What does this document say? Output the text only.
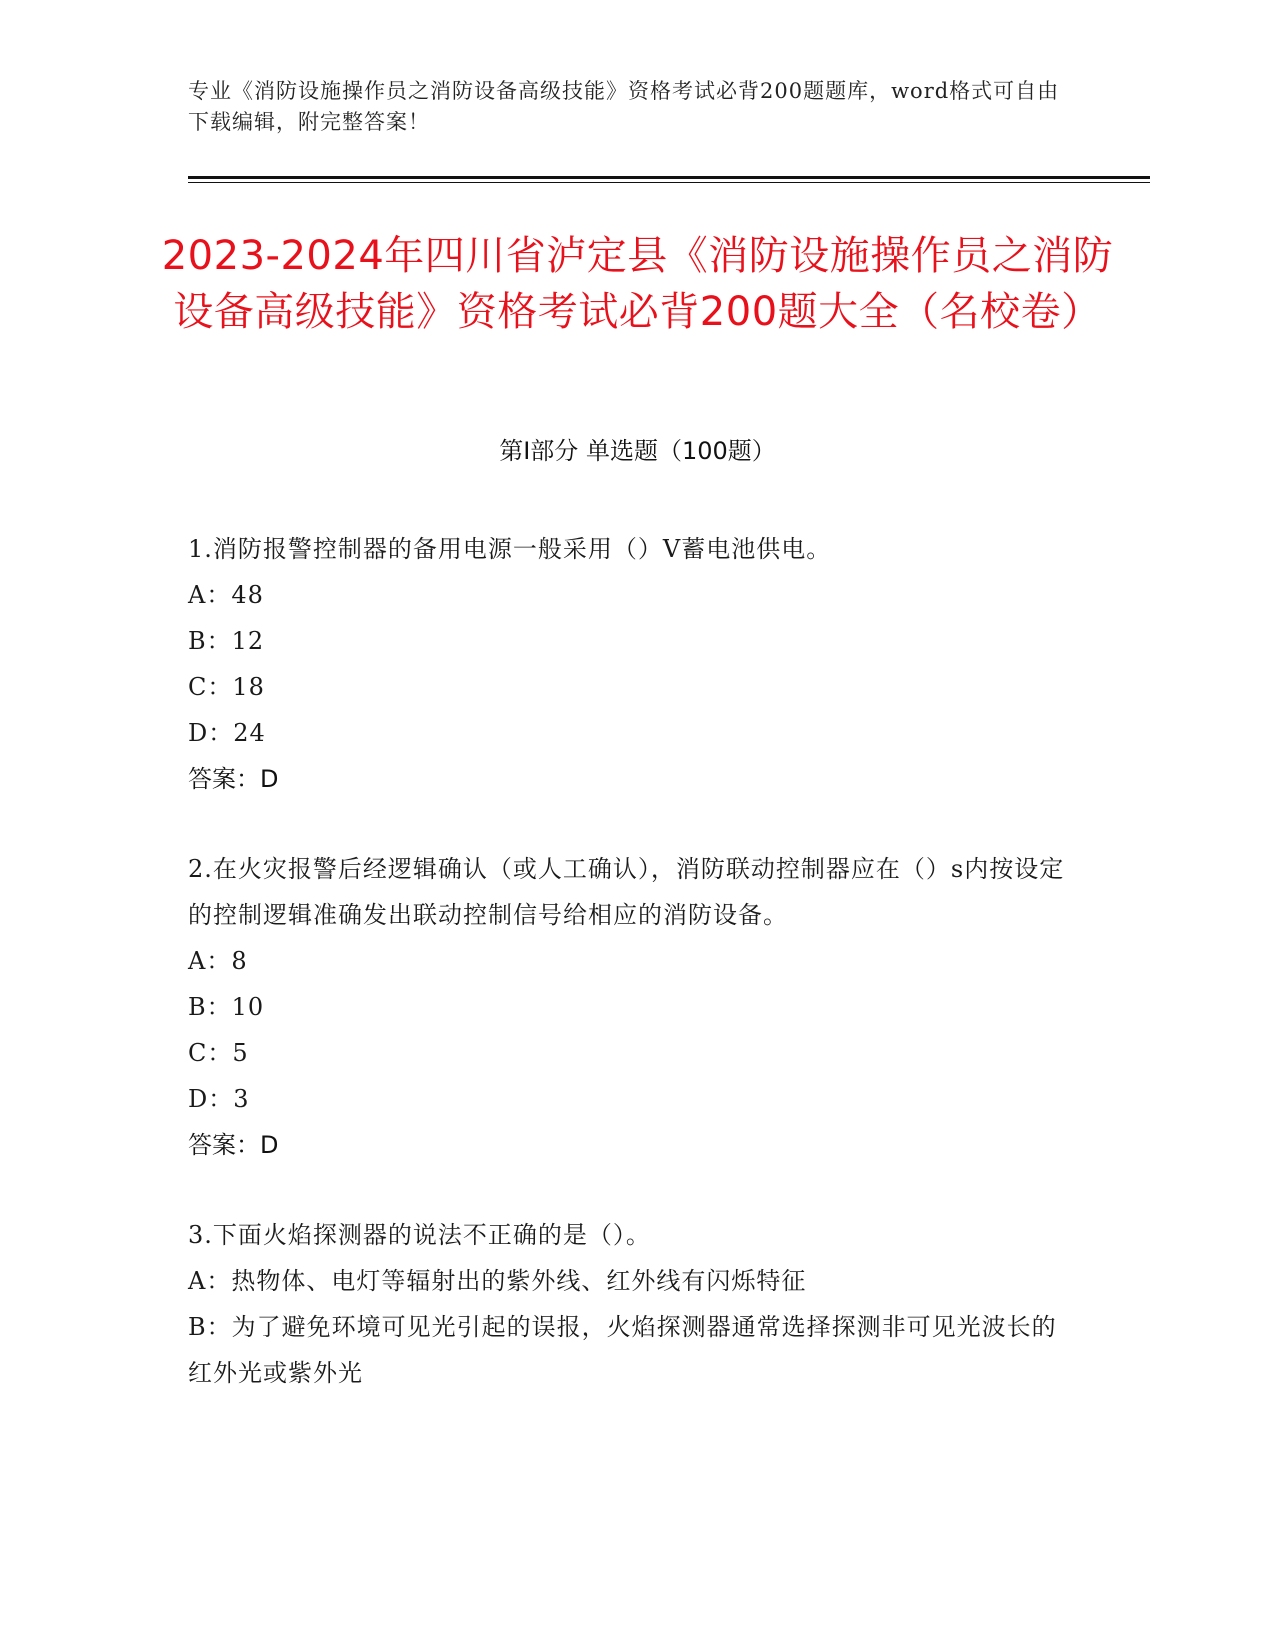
专业《消防设施操作员之消防设备高级技能》资格考试必背200题题库，word格式可自由下载编辑，附完整答案！
2023-2024年四川省泸定县《消防设施操作员之消防设备高级技能》资格考试必背200题大全（名校卷）
第I部分 单选题（100题）
1.消防报警控制器的备用电源一般采用（）V蓄电池供电。
A：48
B：12
C：18
D：24
答案：D
2.在火灾报警后经逻辑确认（或人工确认），消防联动控制器应在（）s内按设定的控制逻辑准确发出联动控制信号给相应的消防设备。
A：8
B：10
C：5
D：3
答案：D
3.下面火焰探测器的说法不正确的是（）。
A：热物体、电灯等辐射出的紫外线、红外线有闪烁特征
B：为了避免环境可见光引起的误报，火焰探测器通常选择探测非可见光波长的红外光或紫外光
